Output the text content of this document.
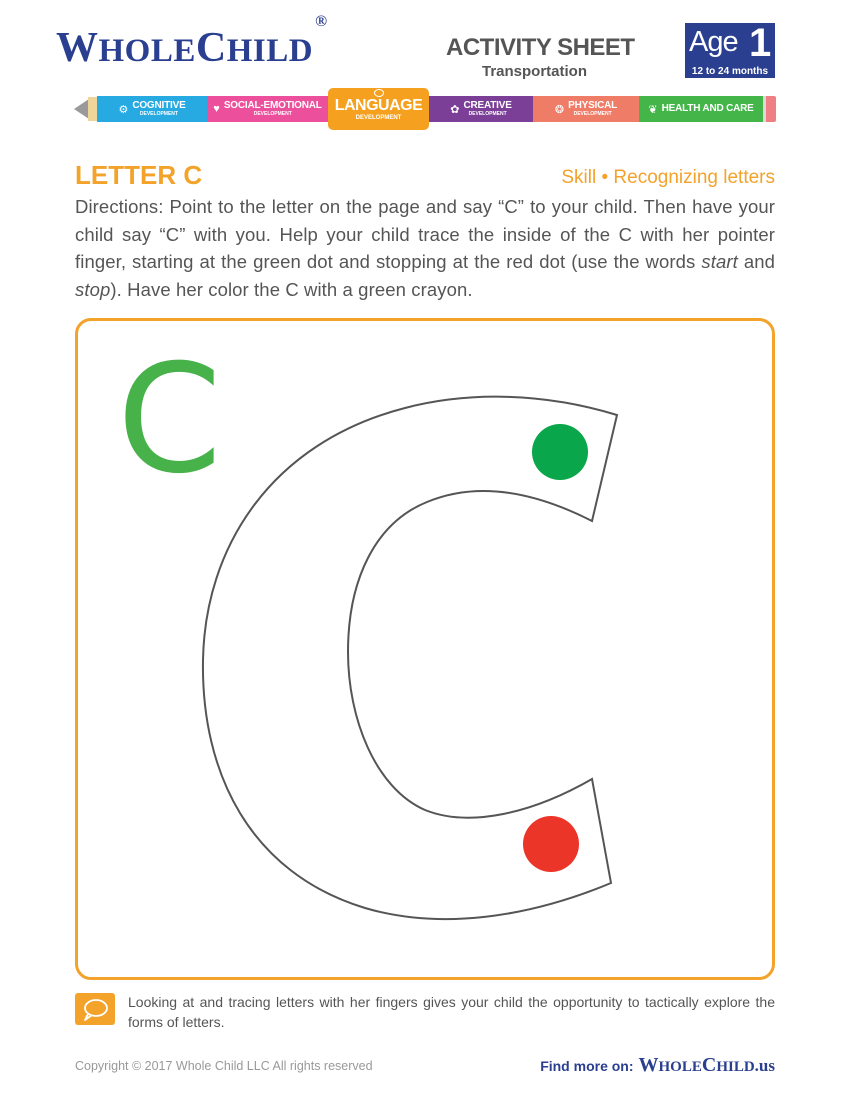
WHOLECHILD®
ACTIVITY SHEET
Transportation
Age 1
12 to 24 months
⚙ COGNITIVE
DEVELOPMENT	♥ SOCIAL-EMOTIONAL
DEVELOPMENT
LANGUAGE
DEVELOPMENT
✿ CREATIVE
DEVELOPMENT	❂ PHYSICAL
DEVELOPMENT	❦ HEALTH AND CARE
LETTER C	Skill • Recognizing letters

Directions: Point to the letter on the page and say “C” to your child. Then have your child say “C” with you. Help your child trace the inside of the C with her pointer finger, starting at the green dot and stopping at the red dot (use the words start and stop). Have her color the C with a green crayon.

C

Looking at and tracing letters with her fingers gives your child the opportunity to tactically explore the forms of letters.

Copyright © 2017 Whole Child LLC All rights reserved	Find more on: WHOLECHILD.us
